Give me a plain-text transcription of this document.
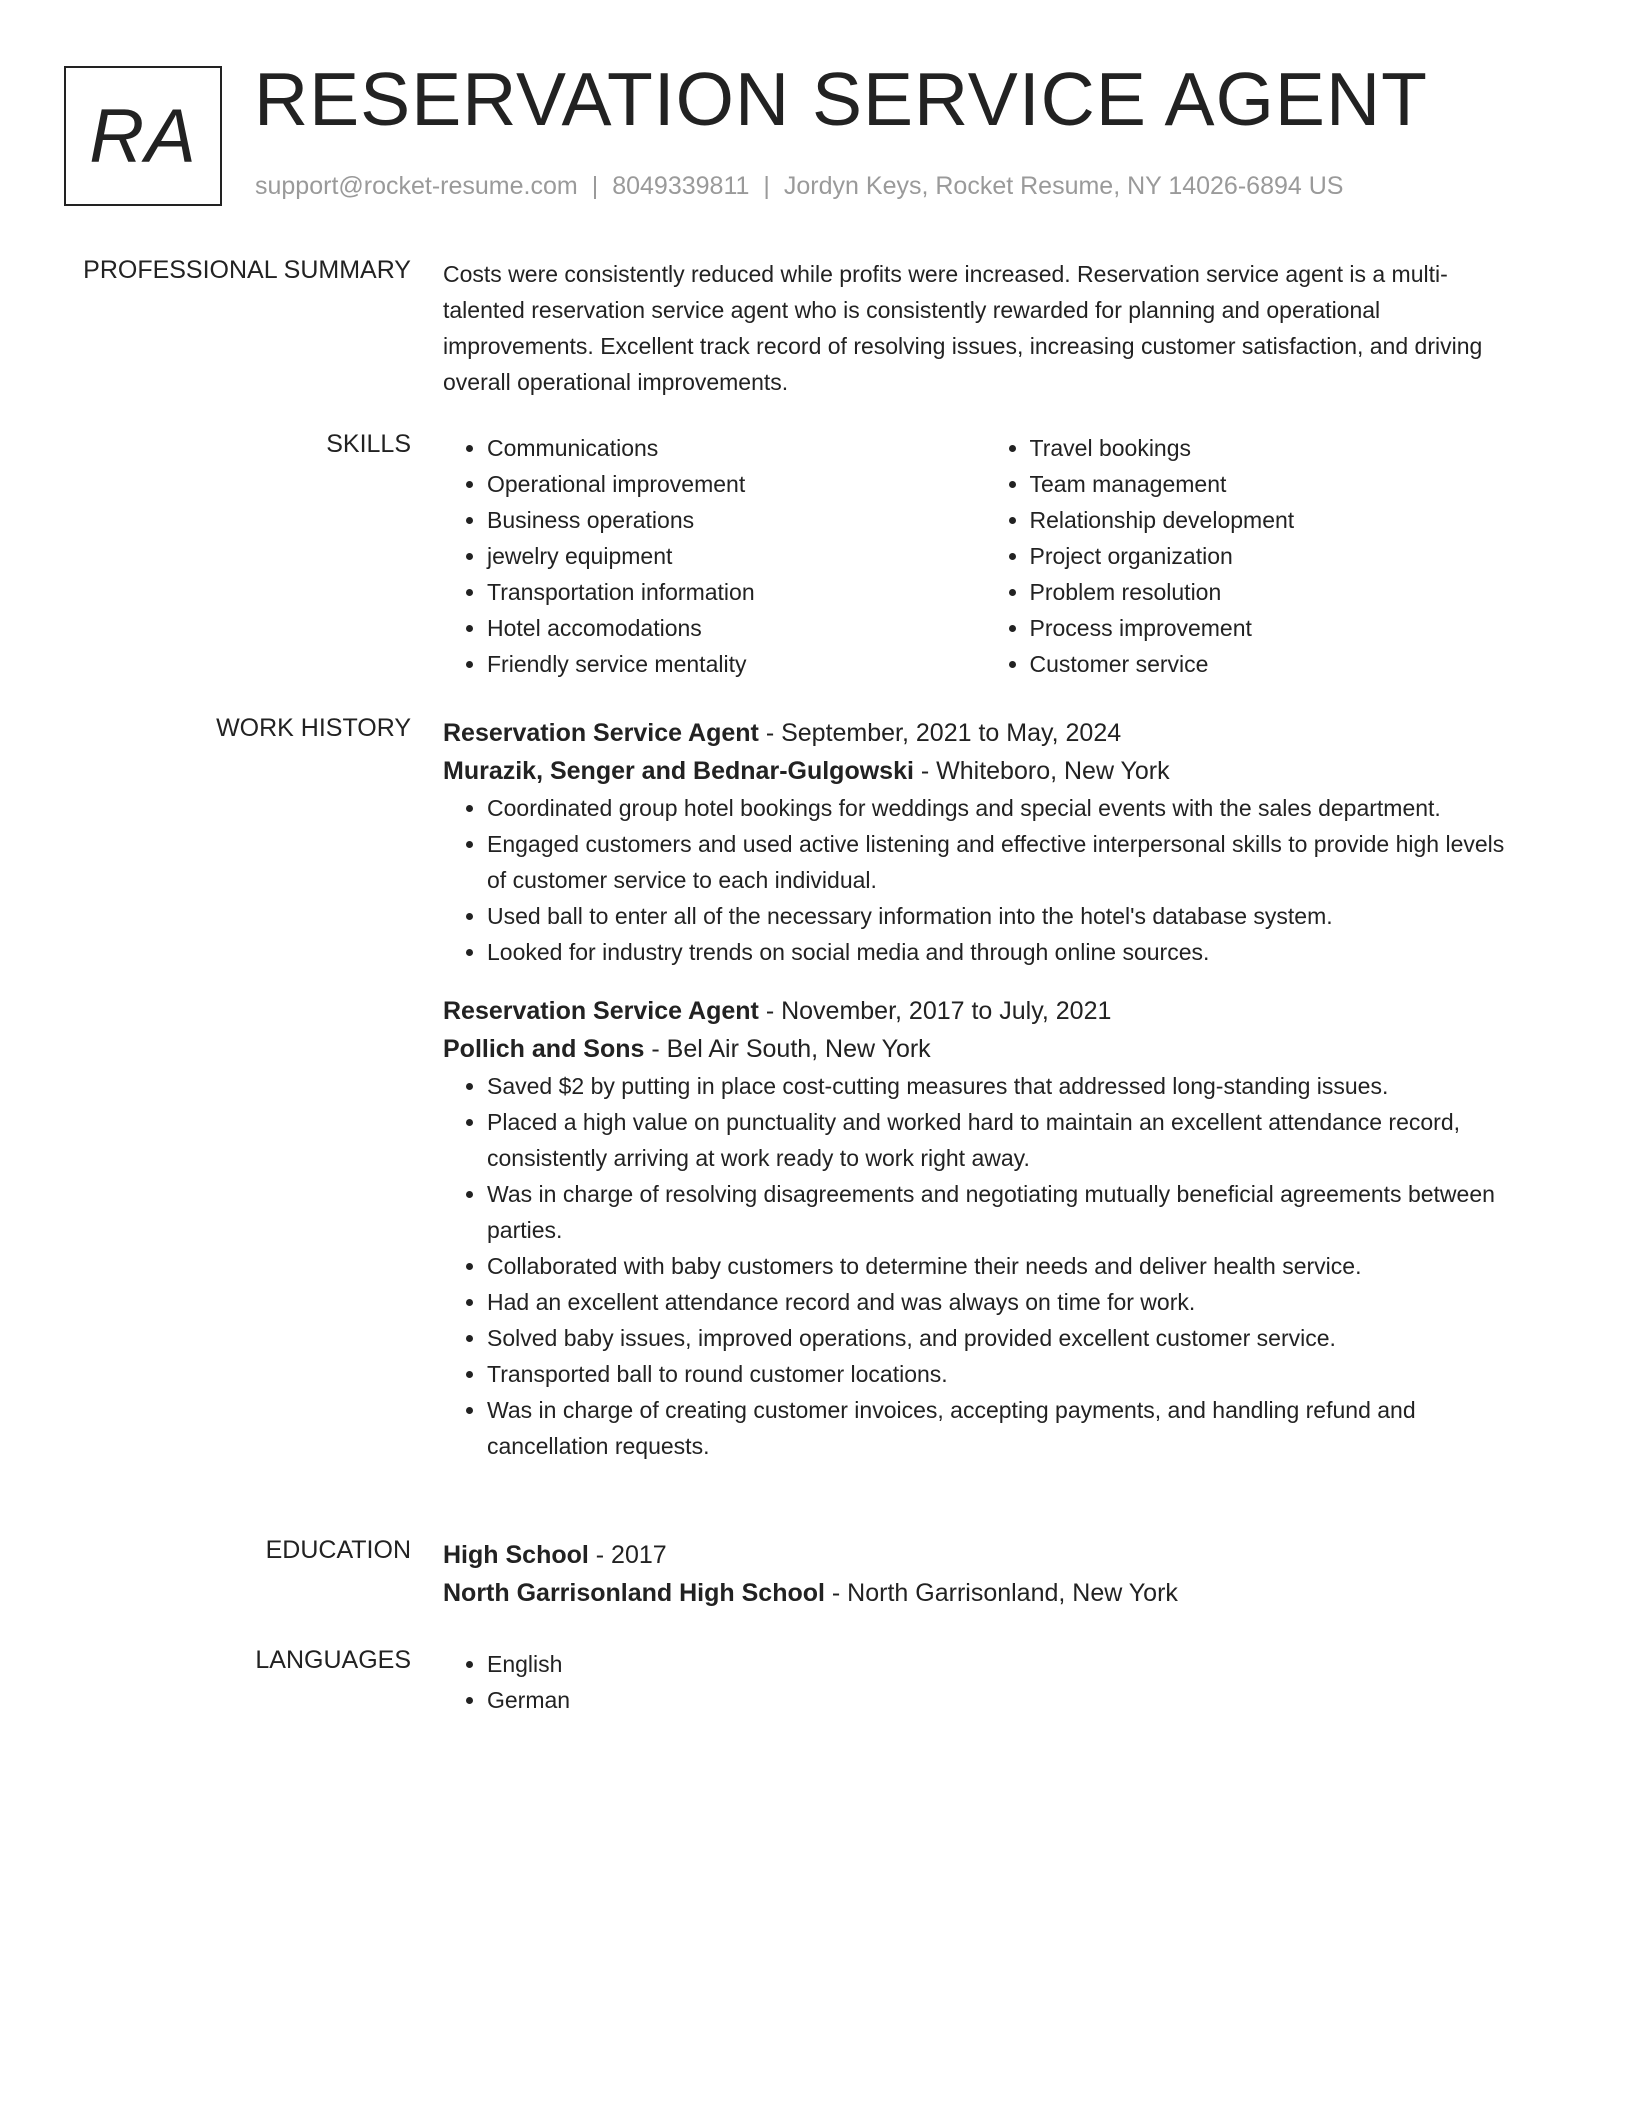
RA RESERVATION SERVICE AGENT
support@rocket-resume.com | 8049339811 | Jordyn Keys, Rocket Resume, NY 14026-6894 US
PROFESSIONAL SUMMARY Costs were consistently reduced while profits were increased. Reservation service agent is a multi-talented reservation service agent who is consistently rewarded for planning and operational improvements. Excellent track record of resolving issues, increasing customer satisfaction, and driving overall operational improvements.

SKILLS	• Communications
• Operational improvement
• Business operations
• jewelry equipment
• Transportation information
• Hotel accomodations
• Friendly service mentality
• Travel bookings
• Team management
• Relationship development
• Project organization
• Problem resolution
• Process improvement
• Customer service
WORK HISTORY Reservation Service Agent - September, 2021 to May, 2024
Murazik, Senger and Bednar-Gulgowski - Whiteboro, New York
• Coordinated group hotel bookings for weddings and special events with the sales department.
• Engaged customers and used active listening and effective interpersonal skills to provide high levels of customer service to each individual.
• Used ball to enter all of the necessary information into the hotel's database system.
• Looked for industry trends on social media and through online sources.
Reservation Service Agent - November, 2017 to July, 2021
Pollich and Sons - Bel Air South, New York
• Saved $2 by putting in place cost-cutting measures that addressed long-standing issues.
• Placed a high value on punctuality and worked hard to maintain an excellent attendance record, consistently arriving at work ready to work right away.
• Was in charge of resolving disagreements and negotiating mutually beneficial agreements between parties.
• Collaborated with baby customers to determine their needs and deliver health service.
• Had an excellent attendance record and was always on time for work.
• Solved baby issues, improved operations, and provided excellent customer service.
• Transported ball to round customer locations.
• Was in charge of creating customer invoices, accepting payments, and handling refund and cancellation requests.
EDUCATION High School - 2017
North Garrisonland High School - North Garrisonland, New York
LANGUAGES	• English
• German
